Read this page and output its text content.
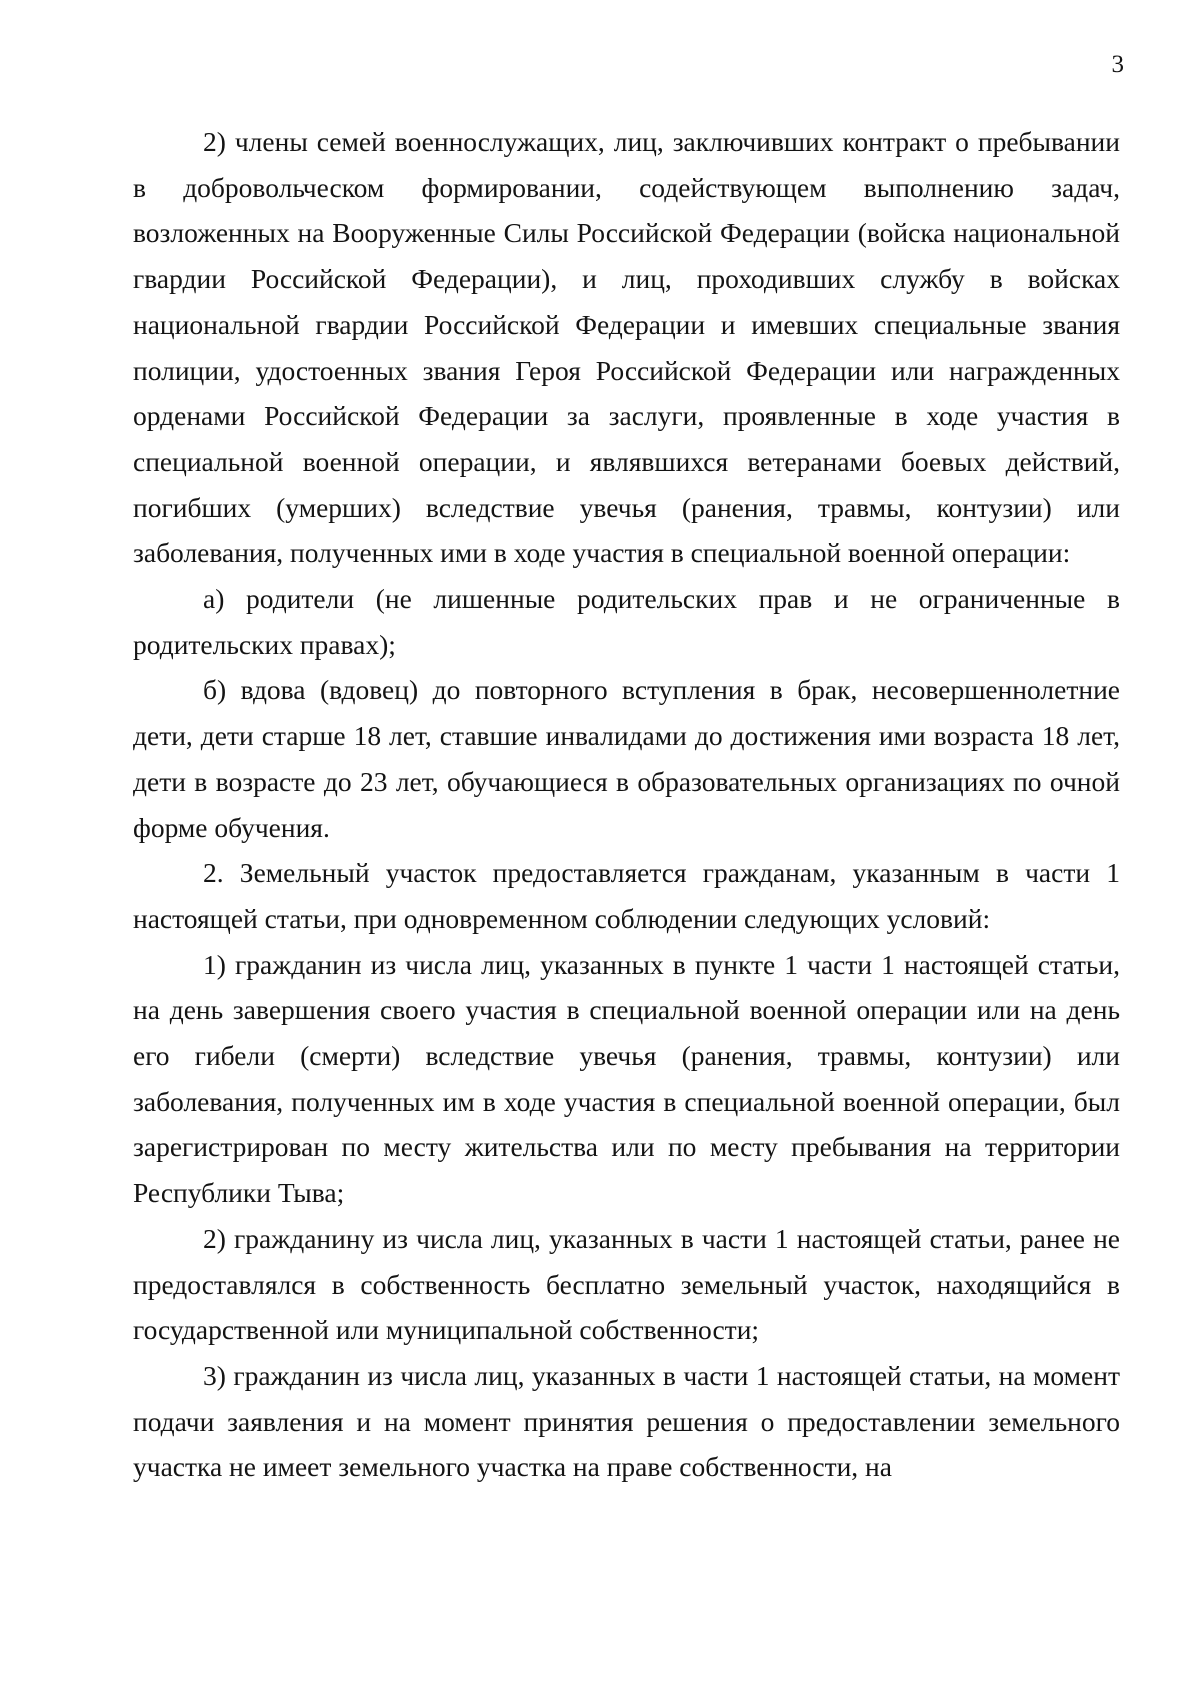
3

2) члены семей военнослужащих, лиц, заключивших контракт о пребывании в добровольческом формировании, содействующем выполнению задач, возложенных на Вооруженные Силы Российской Федерации (войска национальной гвардии Российской Федерации), и лиц, проходивших службу в войсках национальной гвардии Российской Федерации и имевших специальные звания полиции, удостоенных звания Героя Российской Федерации или награжденных орденами Российской Федерации за заслуги, проявленные в ходе участия в специальной военной операции, и являвшихся ветеранами боевых действий, погибших (умерших) вследствие увечья (ранения, травмы, контузии) или заболевания, полученных ими в ходе участия в специальной военной операции:

а) родители (не лишенные родительских прав и не ограниченные в родительских правах);

б) вдова (вдовец) до повторного вступления в брак, несовершеннолетние дети, дети старше 18 лет, ставшие инвалидами до достижения ими возраста 18 лет, дети в возрасте до 23 лет, обучающиеся в образовательных организациях по очной форме обучения.

2. Земельный участок предоставляется гражданам, указанным в части 1 настоящей статьи, при одновременном соблюдении следующих условий:

1) гражданин из числа лиц, указанных в пункте 1 части 1 настоящей статьи, на день завершения своего участия в специальной военной операции или на день его гибели (смерти) вследствие увечья (ранения, травмы, контузии) или заболевания, полученных им в ходе участия в специальной военной операции, был зарегистрирован по месту жительства или по месту пребывания на территории Республики Тыва;

2) гражданину из числа лиц, указанных в части 1 настоящей статьи, ранее не предоставлялся в собственность бесплатно земельный участок, находящийся в государственной или муниципальной собственности;

3) гражданин из числа лиц, указанных в части 1 настоящей статьи, на момент подачи заявления и на момент принятия решения о предоставлении земельного участка не имеет земельного участка на праве собственности, на
